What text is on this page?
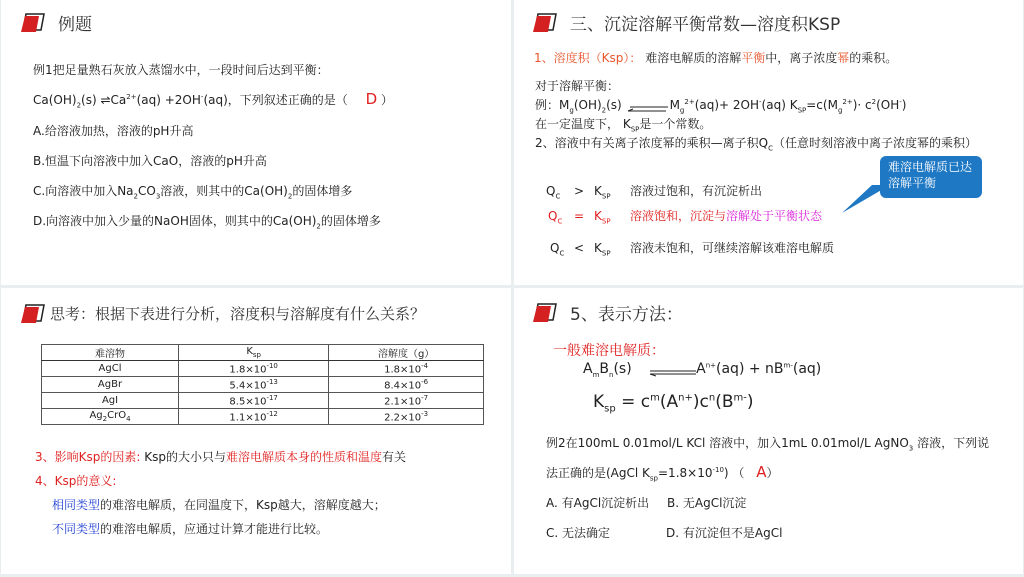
例题
例1把足量熟石灰放入蒸馏水中，一段时间后达到平衡：
$Ca(OH)_2(s)$ $\rightleftharpoons Ca^{2+}(aq) +2OH^-(aq)$，下列叙述正确的是（ D ）
A.给溶液加热，溶液的pH升高
B.恒温下向溶液中加入CaO，溶液的pH升高
C.向溶液中加入$Na_2CO_3$溶液，则其中的$Ca(OH)_2$的固体增多
D.向溶液中加入少量的NaOH固体，则其中的$Ca(OH)_2$的固体增多
三、沉淀溶解平衡常数—溶度积KSP
1、溶度积（Ksp）： 难溶电解质的溶解平衡中，离子浓度幂的乘积。
对于溶解平衡：
例：$M_g(OH)_2(s)$	$M_g^{2+}(aq)+ 2OH^-(aq)$ $K_{SP}=c(M_g^{2+})\cdot c^2(OH^-)$
在一定温度下， $K_{SP}$是一个常数。
2、溶液中有关离子浓度幂的乘积—离子积$Q_C$（任意时刻溶液中离子浓度幂的乘积）
$Q_C > K_{SP}$ 溶液过饱和，有沉淀析出
$Q_C = K_{SP}$ 溶液饱和，沉淀与溶解处于平衡状态
$Q_C < K_{SP}$ 溶液未饱和，可继续溶解该难溶电解质
难溶电解质已达溶解平衡
思考：根据下表进行分析，溶度积与溶解度有什么关系？
难溶物	$K_{sp}$	溶解度（g）
AgCl	$1.8\times 10^{-10}$	$1.8\times 10^{-4}$
AgBr	$5.4\times 10^{-13}$	$8.4\times 10^{-6}$
AgI	$8.5\times 10^{-17}$	$2.1\times 10^{-7}$
$Ag_2CrO_4$	$1.1\times 10^{-12}$	$2.2\times 10^{-3}$
3、影响Ksp的因素: Ksp的大小只与难溶电解质本身的性质和温度有关
4、Ksp的意义:
相同类型的难溶电解质，在同温度下，Ksp越大，溶解度越大；
不同类型的难溶电解质，应通过计算才能进行比较。
5、表示方法：
一般难溶电解质：
$A_mB_n(s)$	$A^{n+}(aq) + nB^{m-}(aq)$
$K_{sp} = c^m(A^{n+})c^n(B^{m-})$
例2在100mL 0.01mol/L KCl 溶液中，加入1mL 0.01mol/L AgNO$_3$ 溶液，下列说
法正确的是(AgCl $K_{sp}=1.8\times 10^{-10}$) （ A）
A. 有AgCl沉淀析出 B. 无AgCl沉淀
C. 无法确定	D. 有沉淀但不是AgCl
